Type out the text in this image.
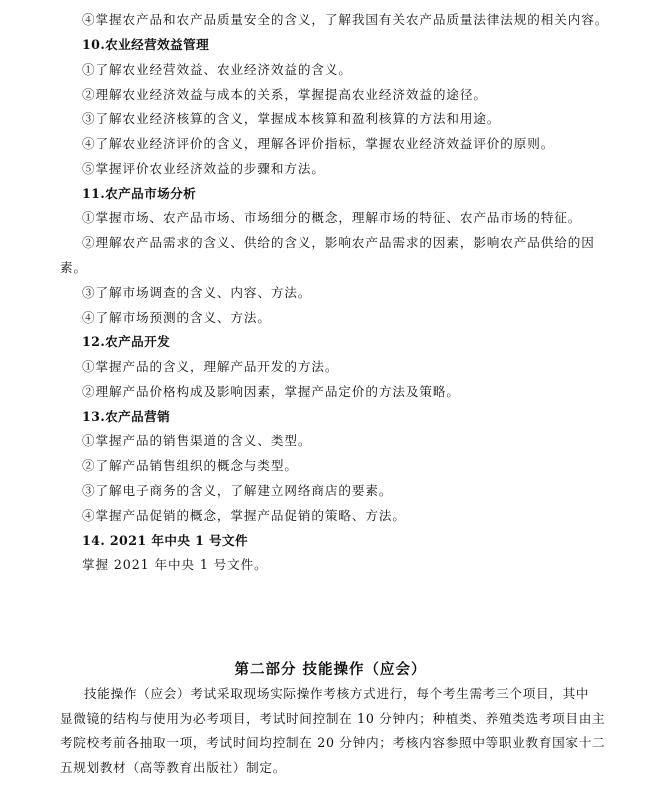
④掌握农产品和农产品质量安全的含义，了解我国有关农产品质量法律法规的相关内容。
10.农业经营效益管理
①了解农业经营效益、农业经济效益的含义。
②理解农业经济效益与成本的关系，掌握提高农业经济效益的途径。
③了解农业经济核算的含义，掌握成本核算和盈利核算的方法和用途。
④了解农业经济评价的含义，理解各评价指标，掌握农业经济效益评价的原则。
⑤掌握评价农业经济效益的步骤和方法。
11.农产品市场分析
①掌握市场、农产品市场、市场细分的概念，理解市场的特征、农产品市场的特征。
②理解农产品需求的含义、供给的含义，影响农产品需求的因素，影响农产品供给的因
素。
③了解市场调查的含义、内容、方法。
④了解市场预测的含义、方法。
12.农产品开发
①掌握产品的含义，理解产品开发的方法。
②理解产品价格构成及影响因素，掌握产品定价的方法及策略。
13.农产品营销
①掌握产品的销售渠道的含义、类型。
②了解产品销售组织的概念与类型。
③了解电子商务的含义，了解建立网络商店的要素。
④掌握产品促销的概念，掌握产品促销的策略、方法。
14. 2021 年中央 1 号文件
掌握 2021 年中央 1 号文件。
第二部分 技能操作（应会）
技能操作（应会）考试采取现场实际操作考核方式进行，每个考生需考三个项目，其中
显微镜的结构与使用为必考项目，考试时间控制在 10 分钟内；种植类、养殖类选考项目由主
考院校考前各抽取一项，考试时间均控制在 20 分钟内；考核内容参照中等职业教育国家十二
五规划教材（高等教育出版社）制定。
